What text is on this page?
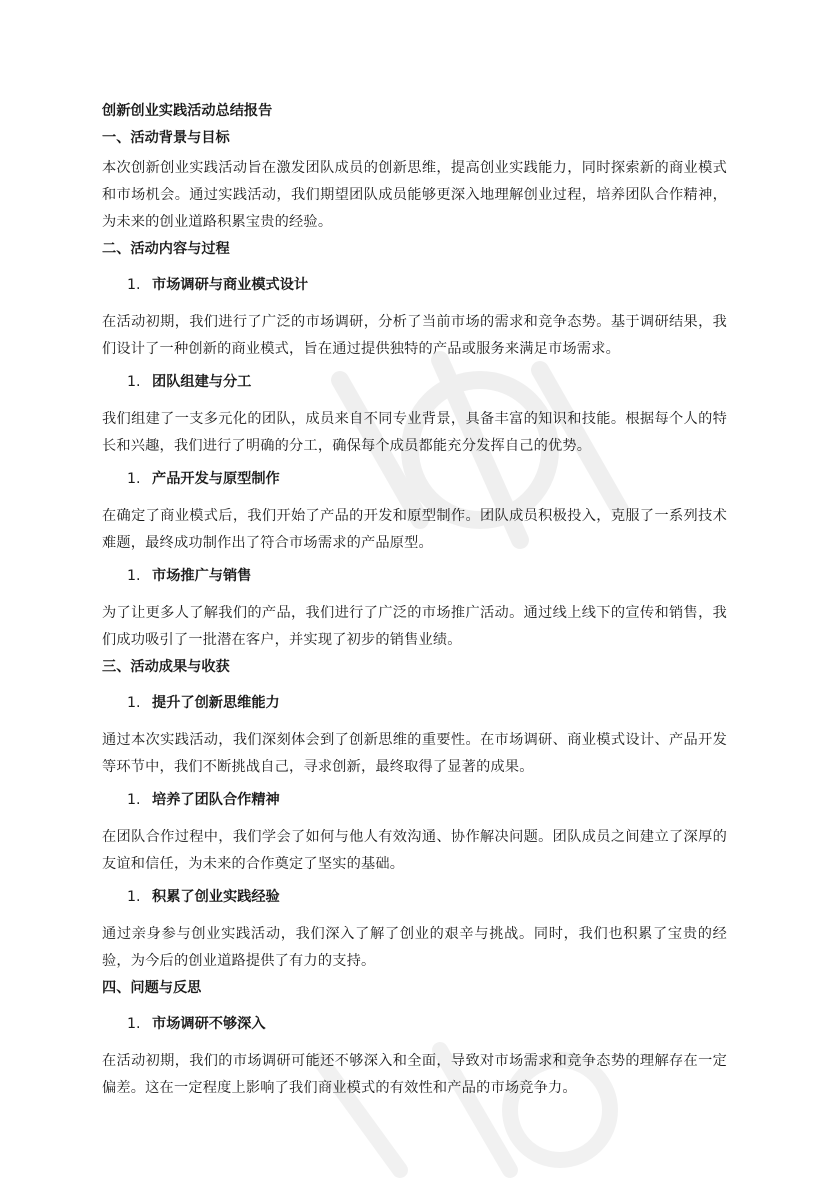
创新创业实践活动总结报告
一、活动背景与目标

本次创新创业实践活动旨在激发团队成员的创新思维，提高创业实践能力，同时探索新的商业模式和市场机会。通过实践活动，我们期望团队成员能够更深入地理解创业过程，培养团队合作精神，为未来的创业道路积累宝贵的经验。

二、活动内容与过程
1. 市场调研与商业模式设计

在活动初期，我们进行了广泛的市场调研，分析了当前市场的需求和竞争态势。基于调研结果，我们设计了一种创新的商业模式，旨在通过提供独特的产品或服务来满足市场需求。

1. 团队组建与分工

我们组建了一支多元化的团队，成员来自不同专业背景，具备丰富的知识和技能。根据每个人的特长和兴趣，我们进行了明确的分工，确保每个成员都能充分发挥自己的优势。

1. 产品开发与原型制作

在确定了商业模式后，我们开始了产品的开发和原型制作。团队成员积极投入，克服了一系列技术难题，最终成功制作出了符合市场需求的产品原型。

1. 市场推广与销售

为了让更多人了解我们的产品，我们进行了广泛的市场推广活动。通过线上线下的宣传和销售，我们成功吸引了一批潜在客户，并实现了初步的销售业绩。

三、活动成果与收获
1. 提升了创新思维能力

通过本次实践活动，我们深刻体会到了创新思维的重要性。在市场调研、商业模式设计、产品开发等环节中，我们不断挑战自己，寻求创新，最终取得了显著的成果。

1. 培养了团队合作精神

在团队合作过程中，我们学会了如何与他人有效沟通、协作解决问题。团队成员之间建立了深厚的友谊和信任，为未来的合作奠定了坚实的基础。

1. 积累了创业实践经验

通过亲身参与创业实践活动，我们深入了解了创业的艰辛与挑战。同时，我们也积累了宝贵的经验，为今后的创业道路提供了有力的支持。

四、问题与反思
1. 市场调研不够深入

在活动初期，我们的市场调研可能还不够深入和全面，导致对市场需求和竞争态势的理解存在一定偏差。这在一定程度上影响了我们商业模式的有效性和产品的市场竞争力。
